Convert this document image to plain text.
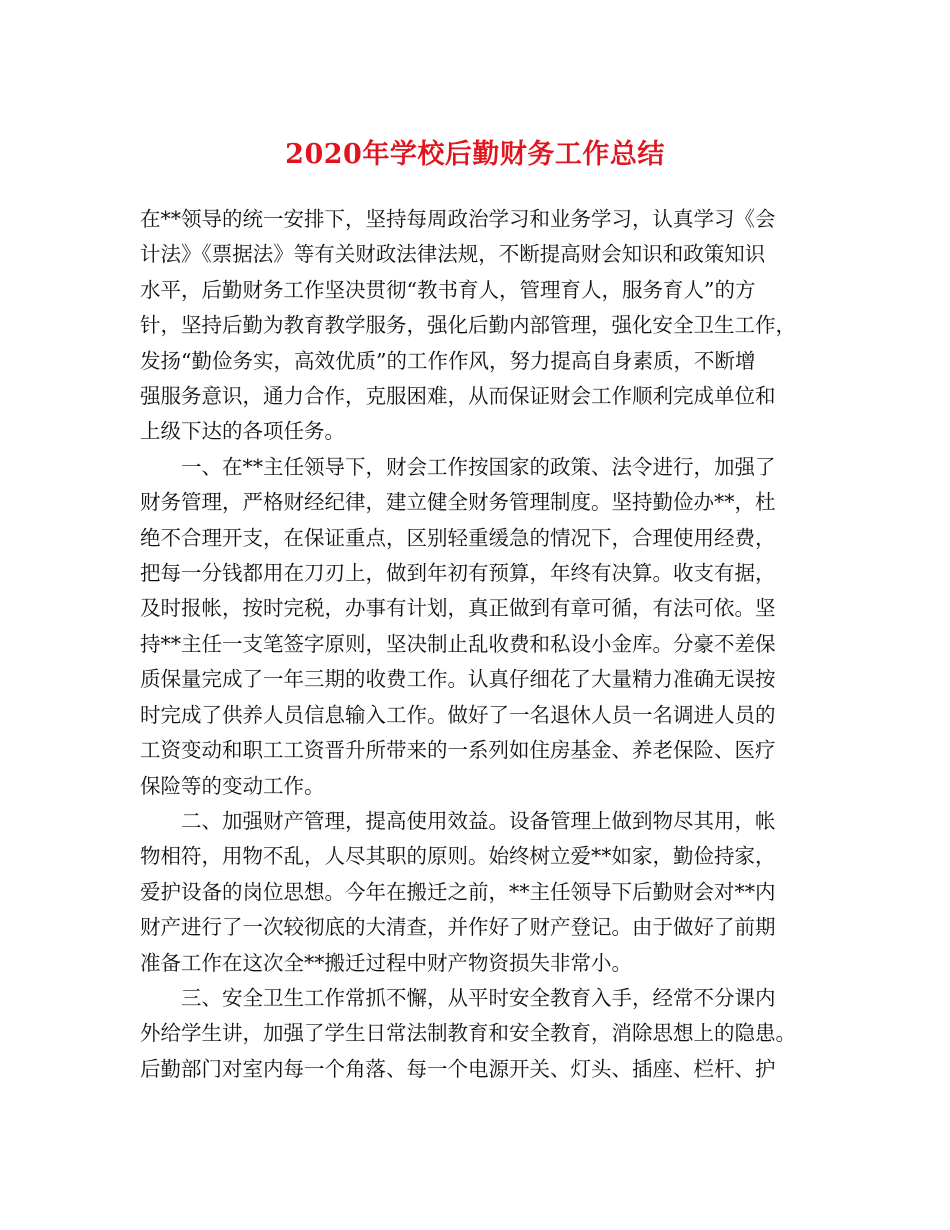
2020年学校后勤财务工作总结
在**领导的统一安排下，坚持每周政治学习和业务学习，认真学习《会
计法》《票据法》等有关财政法律法规，不断提高财会知识和政策知识
水平，后勤财务工作坚决贯彻“教书育人，管理育人，服务育人”的方
针，坚持后勤为教育教学服务，强化后勤内部管理，强化安全卫生工作，
发扬“勤俭务实，高效优质”的工作作风，努力提高自身素质，不断增
强服务意识，通力合作，克服困难，从而保证财会工作顺利完成单位和
上级下达的各项任务。
一、在**主任领导下，财会工作按国家的政策、法令进行，加强了
财务管理，严格财经纪律，建立健全财务管理制度。坚持勤俭办**，杜
绝不合理开支，在保证重点，区别轻重缓急的情况下，合理使用经费，
把每一分钱都用在刀刃上，做到年初有预算，年终有决算。收支有据，
及时报帐，按时完税，办事有计划，真正做到有章可循，有法可依。坚
持**主任一支笔签字原则，坚决制止乱收费和私设小金库。分豪不差保
质保量完成了一年三期的收费工作。认真仔细花了大量精力准确无误按
时完成了供养人员信息输入工作。做好了一名退休人员一名调进人员的
工资变动和职工工资晋升所带来的一系列如住房基金、养老保险、医疗
保险等的变动工作。
二、加强财产管理，提高使用效益。设备管理上做到物尽其用，帐
物相符，用物不乱，人尽其职的原则。始终树立爱**如家，勤俭持家，
爱护设备的岗位思想。今年在搬迁之前，**主任领导下后勤财会对**内
财产进行了一次较彻底的大清查，并作好了财产登记。由于做好了前期
准备工作在这次全**搬迁过程中财产物资损失非常小。
三、安全卫生工作常抓不懈，从平时安全教育入手，经常不分课内
外给学生讲，加强了学生日常法制教育和安全教育，消除思想上的隐患。
后勤部门对室内每一个角落、每一个电源开关、灯头、插座、栏杆、护
